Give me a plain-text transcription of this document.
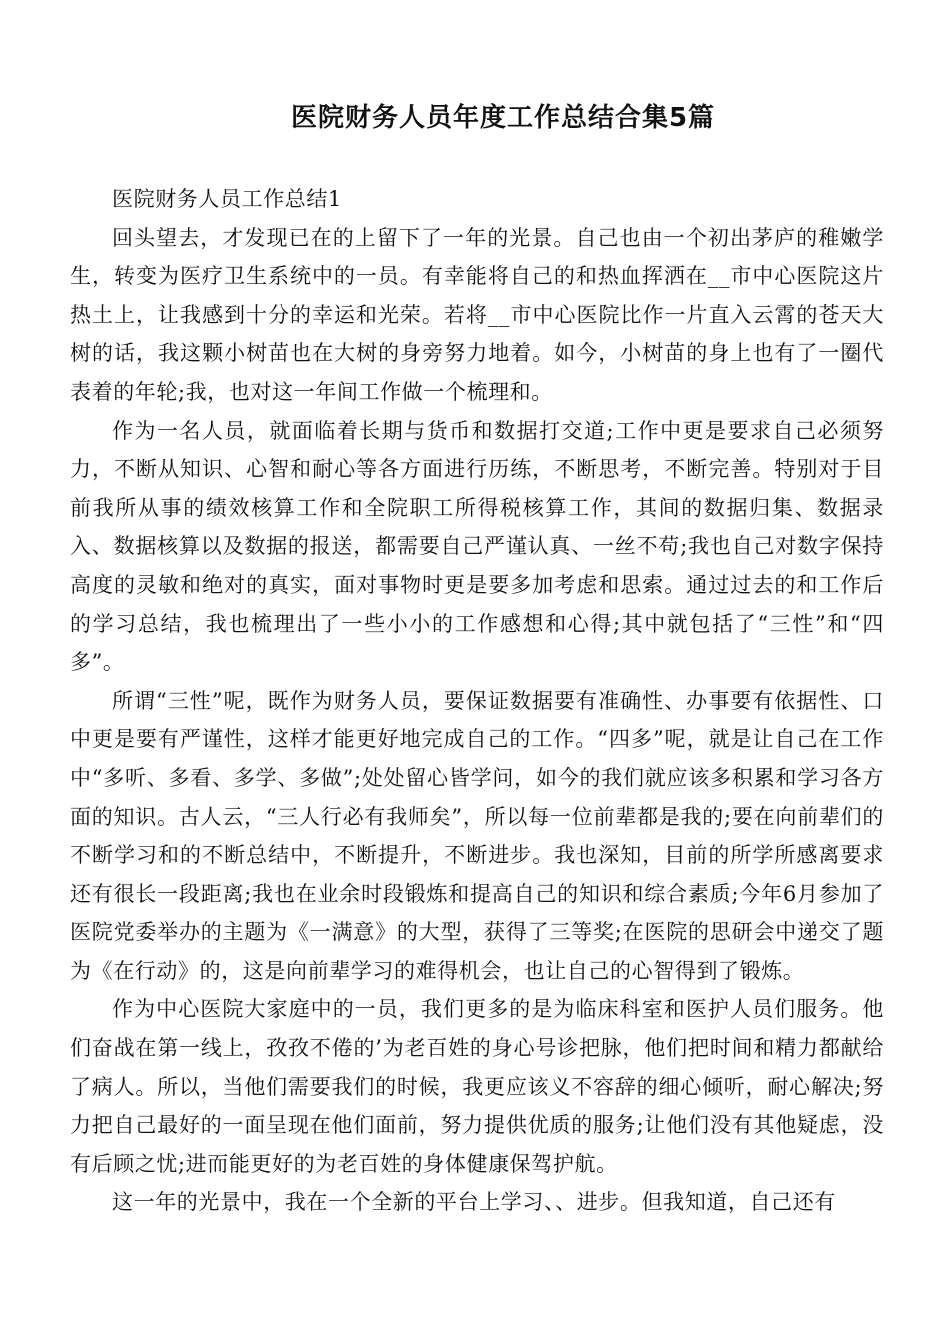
医院财务人员年度工作总结合集5篇

医院财务人员工作总结1

回头望去，才发现已在的上留下了一年的光景。自己也由一个初出茅庐的稚嫩学生，转变为医疗卫生系统中的一员。有幸能将自己的和热血挥洒在__市中心医院这片热土上，让我感到十分的幸运和光荣。若将__市中心医院比作一片直入云霄的苍天大树的话，我这颗小树苗也在大树的身旁努力地着。如今，小树苗的身上也有了一圈代表着的年轮;我，也对这一年间工作做一个梳理和。

作为一名人员，就面临着长期与货币和数据打交道;工作中更是要求自己必须努力，不断从知识、心智和耐心等各方面进行历练，不断思考，不断完善。特别对于目前我所从事的绩效核算工作和全院职工所得税核算工作，其间的数据归集、数据录入、数据核算以及数据的报送，都需要自己严谨认真、一丝不苟;我也自己对数字保持高度的灵敏和绝对的真实，面对事物时更是要多加考虑和思索。通过过去的和工作后的学习总结，我也梳理出了一些小小的工作感想和心得;其中就包括了“三性”和“四多”。

所谓“三性”呢，既作为财务人员，要保证数据要有准确性、办事要有依据性、口中更是要有严谨性，这样才能更好地完成自己的工作。“四多”呢，就是让自己在工作中“多听、多看、多学、多做”;处处留心皆学问，如今的我们就应该多积累和学习各方面的知识。古人云，“三人行必有我师矣”，所以每一位前辈都是我的;要在向前辈们的不断学习和的不断总结中，不断提升，不断进步。我也深知，目前的所学所感离要求还有很长一段距离;我也在业余时段锻炼和提高自己的知识和综合素质;今年6月参加了医院党委举办的主题为《一满意》的大型，获得了三等奖;在医院的思研会中递交了题为《在行动》的，这是向前辈学习的难得机会，也让自己的心智得到了锻炼。

作为中心医院大家庭中的一员，我们更多的是为临床科室和医护人员们服务。他们奋战在第一线上，孜孜不倦的’为老百姓的身心号诊把脉，他们把时间和精力都献给了病人。所以，当他们需要我们的时候，我更应该义不容辞的细心倾听，耐心解决;努力把自己最好的一面呈现在他们面前，努力提供优质的服务;让他们没有其他疑虑，没有后顾之忧;进而能更好的为老百姓的身体健康保驾护航。

这一年的光景中，我在一个全新的平台上学习、、进步。但我知道，自己还有
